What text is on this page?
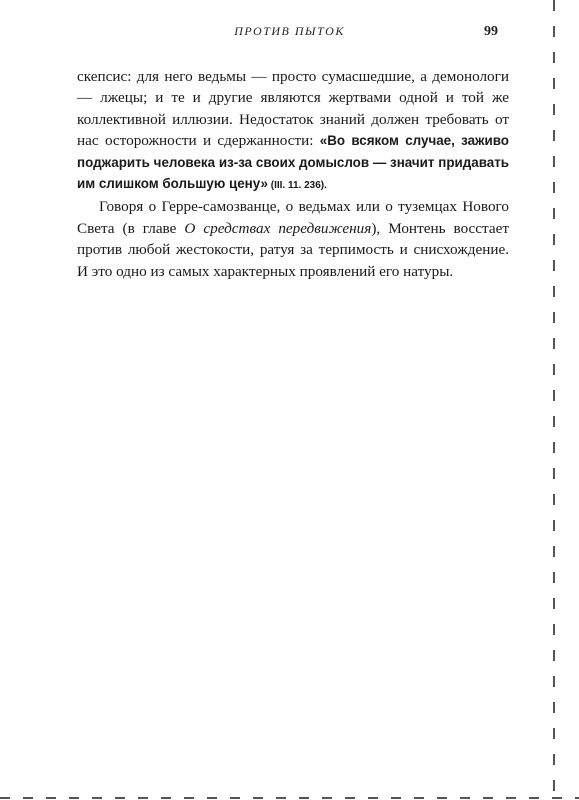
ПРОТИВ ПЫТОК	99

скепсис: для него ведьмы — просто сумасшедшие, а демонологи — лжецы; и те и другие являются жертвами одной и той же коллективной иллюзии. Недостаток знаний должен требовать от нас осторожности и сдержанности: «Во всяком случае, заживо поджарить человека из-за своих домыслов — значит придавать им слишком большую цену» (III. 11. 236).

Говоря о Герре-самозванце, о ведьмах или о туземцах Нового Света (в главе О средствах передвижения), Монтень восстает против любой жестокости, ратуя за терпимость и снисхождение. И это одно из самых характерных проявлений его натуры.
